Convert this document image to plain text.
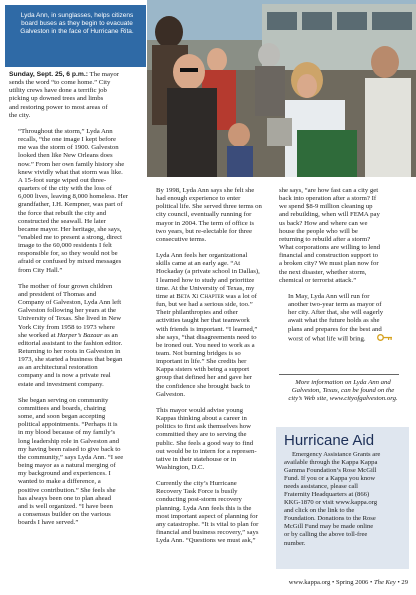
Lyda Ann, in sunglasses, helps citizens
board buses as they begin to evacuate
Galveston in the face of Hurricane Rita.

Sunday, Sept. 25, 6 p.m.: The mayor
sends the word “to come home.” City
utility crews have done a terrific job
picking up downed trees and limbs
and restoring power to most areas of
the city.

“Throughout the storm,” Lyda Ann
recalls, “the one image I kept before
me was the storm of 1900. Galveston
looked then like New Orleans does
now.” From her own family history she
knew vividly what that storm was like.
A 15-foot surge wiped out three-
quarters of the city with the loss of
6,000 lives, leaving 8,000 homeless. Her
grandfather, I.H. Kempner, was part of
the force that rebuilt the city and
constructed the seawall. He later
became mayor. Her heritage, she says,
“enabled me to present a strong, direct
image to the 60,000 residents I felt
responsible for, so they would not be
afraid or confused by mixed messages
from City Hall.”

The mother of four grown children
and president of Thomas and
Company of Galveston, Lyda Ann left
Galveston following her years at the
University of Texas. She lived in New
York City from 1958 to 1973 where
she worked at Harper’s Bazaar as an
editorial assistant to the fashion editor.
Returning to her roots in Galveston in
1973, she started a business that began
as an architectural restoration
company and is now a private real
estate and investment company.

She began serving on community
committees and boards, chairing
some, and soon began accepting
political appointments. “Perhaps it is
in my blood because of my family’s
long leadership role in Galveston and
my having been raised to give back to
the community,” says Lyda Ann. “I see
being mayor as a natural merging of
my background and experiences. I
wanted to make a difference, a
positive contribution.” She feels she
has always been one to plan ahead
and is well organized. “I have been
a consensus builder on the various
boards I have served.”

By 1998, Lyda Ann says she felt she
had enough experience to enter
political life. She served three terms on
city council, eventually running for
mayor in 2004. The term of office is
two years, but re-electable for three
consecutive terms.

Lyda Ann feels her organizational
skills came at an early age. “At
Hockaday (a private school in Dallas),
I learned how to study and prioritize
time. At the University of Texas, my
time at Beta Xi Chapter was a lot of
fun, but we had a serious side, too.”
Their philanthropies and other
activities taught her that teamwork
with friends is important. “I learned,”
she says, “that disagreements need to
be ironed out. You need to work as a
team. Not burning bridges is so
important in life.” She credits her
Kappa sisters with being a support
group that defined her and gave her
the confidence she brought back to
Galveston.

This mayor would advise young
Kappas thinking about a career in
politics to first ask themselves how
committed they are to serving the
public. She feels a good way to find
out would be to intern for a represen-
tative in their statehouse or in
Washington, D.C.

Currently the city’s Hurricane
Recovery Task Force is busily
conducting post-storm recovery
planning. Lyda Ann feels this is the
most important aspect of planning for
any catastrophe. “It is vital to plan for
financial and business recovery,” says
Lyda Ann. “Questions we must ask,”

she says, “are how fast can a city get
back into operation after a storm? If
we spend $8-9 million cleaning up
and rebuilding, when will FEMA pay
us back? How and where can we
house the people who will be
returning to rebuild after a storm?
What corporations are willing to lend
financial and construction support to
a broken city? We must plan now for
the next disaster, whether storm,
chemical or terrorist attack.”

In May, Lyda Ann will run for
another two-year term as mayor of
her city. After that, she will eagerly
await what the future holds as she
plans and prepares for the best and
worst of what life will bring.

More information on Lyda Ann and
Galveston, Texas, can be found on the
city’s Web site, www.cityofgalveston.org.
Hurricane Aid

Emergency Assistance Grants are
available through the Kappa Kappa
Gamma Foundation’s Rose McGill
Fund. If you or a Kappa you know
needs assistance, please call
Fraternity Headquarters at (866)
KKG-1870 or visit www.kappa.org
and click on the link to the
Foundation. Donations to the Rose
McGill Fund may be made online
or by calling the above toll-free
number.

www.kappa.org • Spring 2006 • The Key • 29
